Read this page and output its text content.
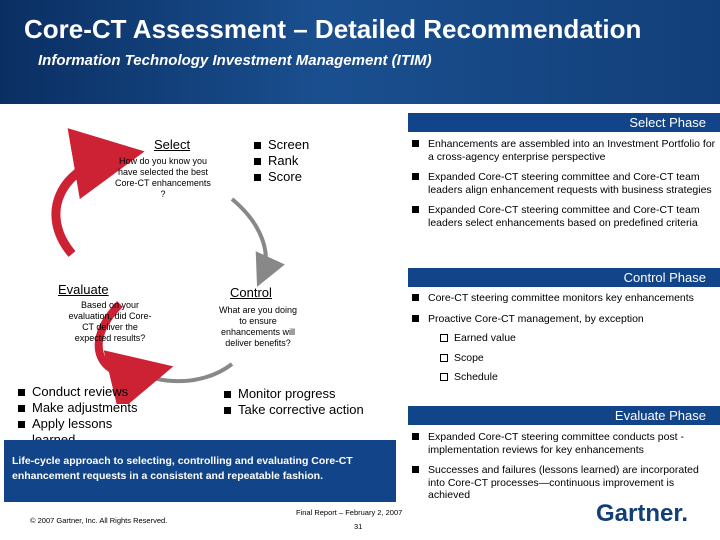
Core-CT Assessment – Detailed Recommendation
Information Technology Investment Management (ITIM)
Select
How do you know you have selected the best Core-CT enhancements ?
Screen
Rank
Score
Evaluate
Based on your evaluation, did Core-CT deliver the expected results?
Conduct reviews
Make adjustments
Apply lessons
Control
What are you doing to ensure enhancements will deliver benefits?
Monitor progress
Take corrective action
Select Phase
Enhancements are assembled into an Investment Portfolio for a cross-agency enterprise perspective
Expanded Core-CT steering committee and Core-CT team leaders align enhancement requests with business strategies
Expanded Core-CT steering committee and Core-CT team leaders select enhancements based on predefined criteria
Control Phase
Core-CT steering committee monitors key enhancements
Proactive Core-CT management, by exception
Earned value
Scope
Schedule
Evaluate Phase
Expanded Core-CT steering committee conducts post -implementation reviews for key enhancements
Successes and failures (lessons learned) are incorporated into Core-CT processes—continuous improvement is achieved
Life-cycle approach to selecting, controlling and evaluating Core-CT enhancement requests in a consistent and repeatable fashion.
© 2007 Gartner, Inc. All Rights Reserved.
Final Report – February 2, 2007
31	Gartner.
